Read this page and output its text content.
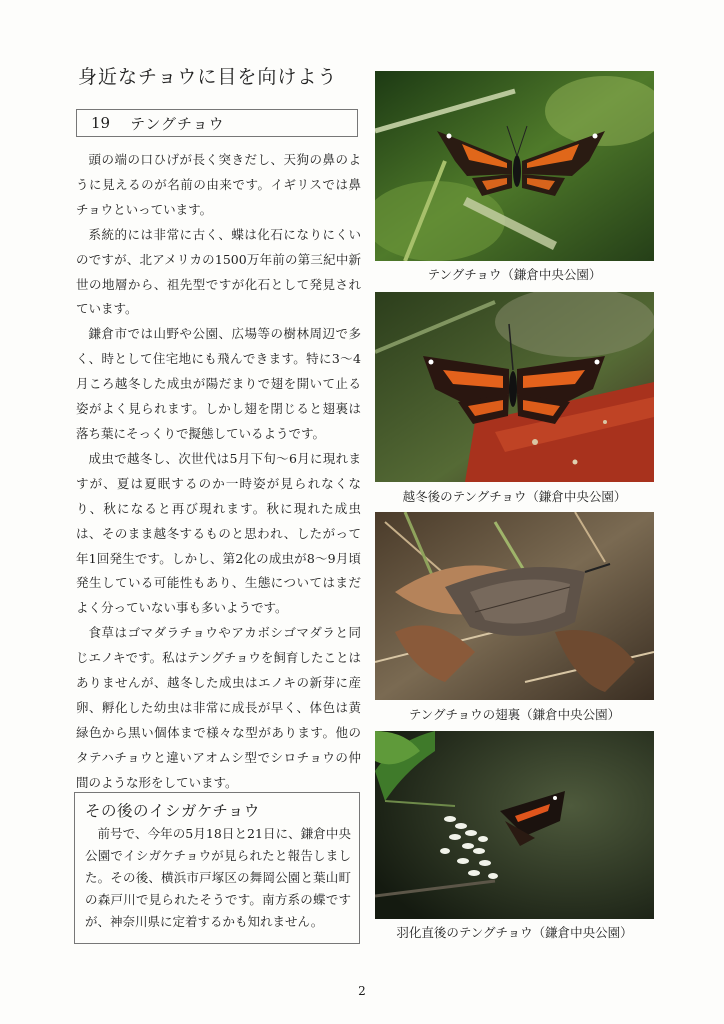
身近なチョウに目を向けよう
19 テングチョウ

頭の端の口ひげが長く突きだし、天狗の鼻のように見えるのが名前の由来です。イギリスでは鼻チョウといっています。

系統的には非常に古く、蝶は化石になりにくいのですが、北アメリカの1500万年前の第三紀中新世の地層から、祖先型ですが化石として発見されています。

鎌倉市では山野や公園、広場等の樹林周辺で多く、時として住宅地にも飛んできます。特に3～4月ころ越冬した成虫が陽だまりで翅を開いて止る姿がよく見られます。しかし翅を閉じると翅裏は落ち葉にそっくりで擬態しているようです。

成虫で越冬し、次世代は5月下旬～6月に現れますが、夏は夏眠するのか一時姿が見られなくなり、秋になると再び現れます。秋に現れた成虫は、そのまま越冬するものと思われ、したがって年1回発生です。しかし、第2化の成虫が8～9月頃発生している可能性もあり、生態についてはまだよく分っていない事も多いようです。

食草はゴマダラチョウやアカボシゴマダラと同じエノキです。私はテングチョウを飼育したことはありませんが、越冬した成虫はエノキの新芽に産卵、孵化した幼虫は非常に成長が早く、体色は黄緑色から黒い個体まで様々な型があります。他のタテハチョウと違いアオムシ型でシロチョウの仲間のような形をしています。

その後のイシガケチョウ

前号で、今年の5月18日と21日に、鎌倉中央公園でイシガケチョウが見られたと報告しました。その後、横浜市戸塚区の舞岡公園と葉山町の森戸川で見られたそうです。南方系の蝶ですが、神奈川県に定着するかも知れません。

テングチョウ（鎌倉中央公園）
越冬後のテングチョウ（鎌倉中央公園）
テングチョウの翅裏（鎌倉中央公園）
羽化直後のテングチョウ（鎌倉中央公園）
2
